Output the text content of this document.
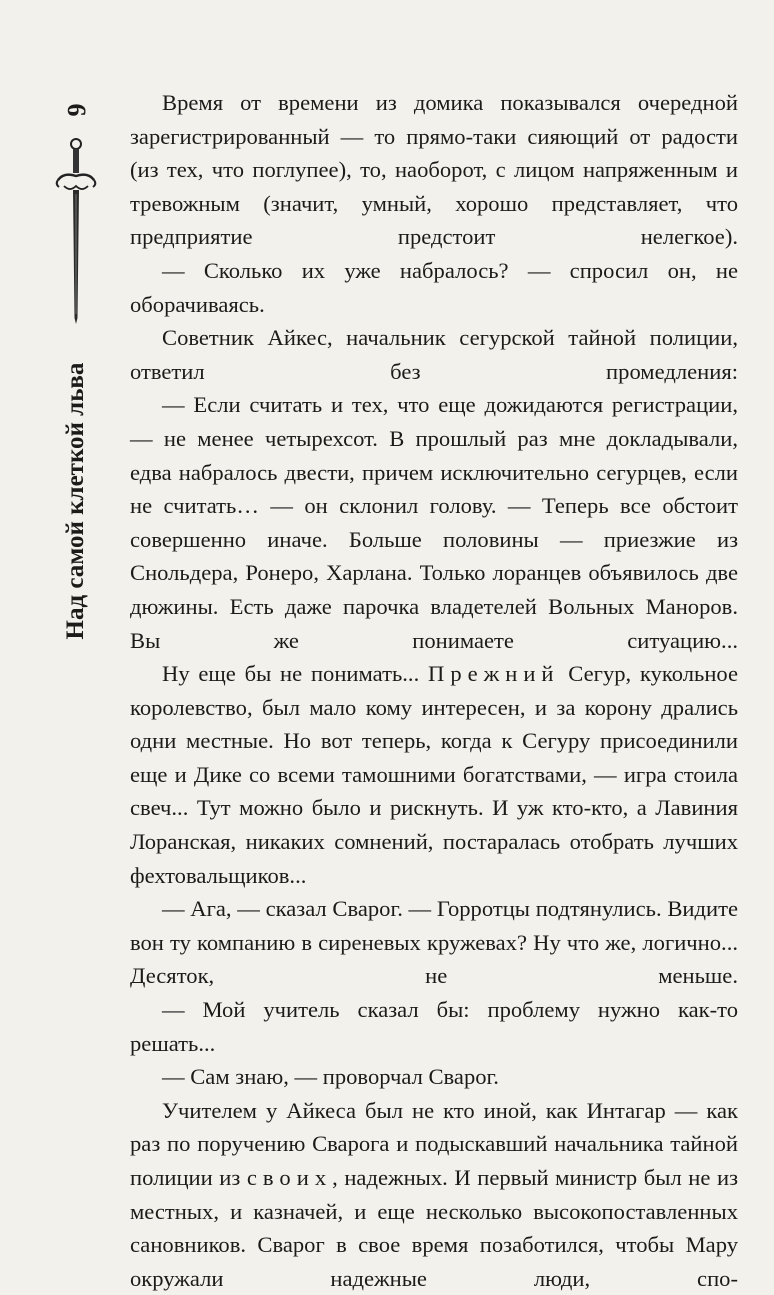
6
Над самой клеткой льва

Время от времени из домика показывался очередной зарегистрированный — то прямо-таки сияющий от радости (из тех, что поглупее), то, наоборот, с лицом напряженным и тревожным (значит, умный, хорошо представляет, что предприятие предстоит нелегкое).

— Сколько их уже набралось? — спросил он, не оборачиваясь.

Советник Айкес, начальник сегурской тайной полиции, ответил без промедления:

— Если считать и тех, что еще дожидаются регистрации, — не менее четырехсот. В прошлый раз мне докладывали, едва набралось двести, причем исключительно сегурцев, если не считать… — он склонил голову. — Теперь все обстоит совершенно иначе. Больше половины — приезжие из Снольдера, Ронеро, Харлана. Только лоранцев объявилось две дюжины. Есть даже парочка владетелей Вольных Маноров. Вы же понимаете ситуацию...

Ну еще бы не понимать... Прежний Сегур, кукольное королевство, был мало кому интересен, и за корону дрались одни местные. Но вот теперь, когда к Сегуру присоединили еще и Дике со всеми тамошними богатствами, — игра стоила свеч... Тут можно было и рискнуть. И уж кто-кто, а Лавиния Лоранская, никаких сомнений, постаралась отобрать лучших фехтовальщиков...

— Ага, — сказал Сварог. — Горротцы подтянулись. Видите вон ту компанию в сиреневых кружевах? Ну что же, логично... Десяток, не меньше.

— Мой учитель сказал бы: проблему нужно как-то решать...

— Сам знаю, — проворчал Сварог.

Учителем у Айкеса был не кто иной, как Интагар — как раз по поручению Сварога и подыскавший начальника тайной полиции из своих, надежных. И первый министр был не из местных, и казначей, и еще несколько высокопоставленных сановников. Сварог в свое время позаботился, чтобы Мару окружали надежные люди, спо-
